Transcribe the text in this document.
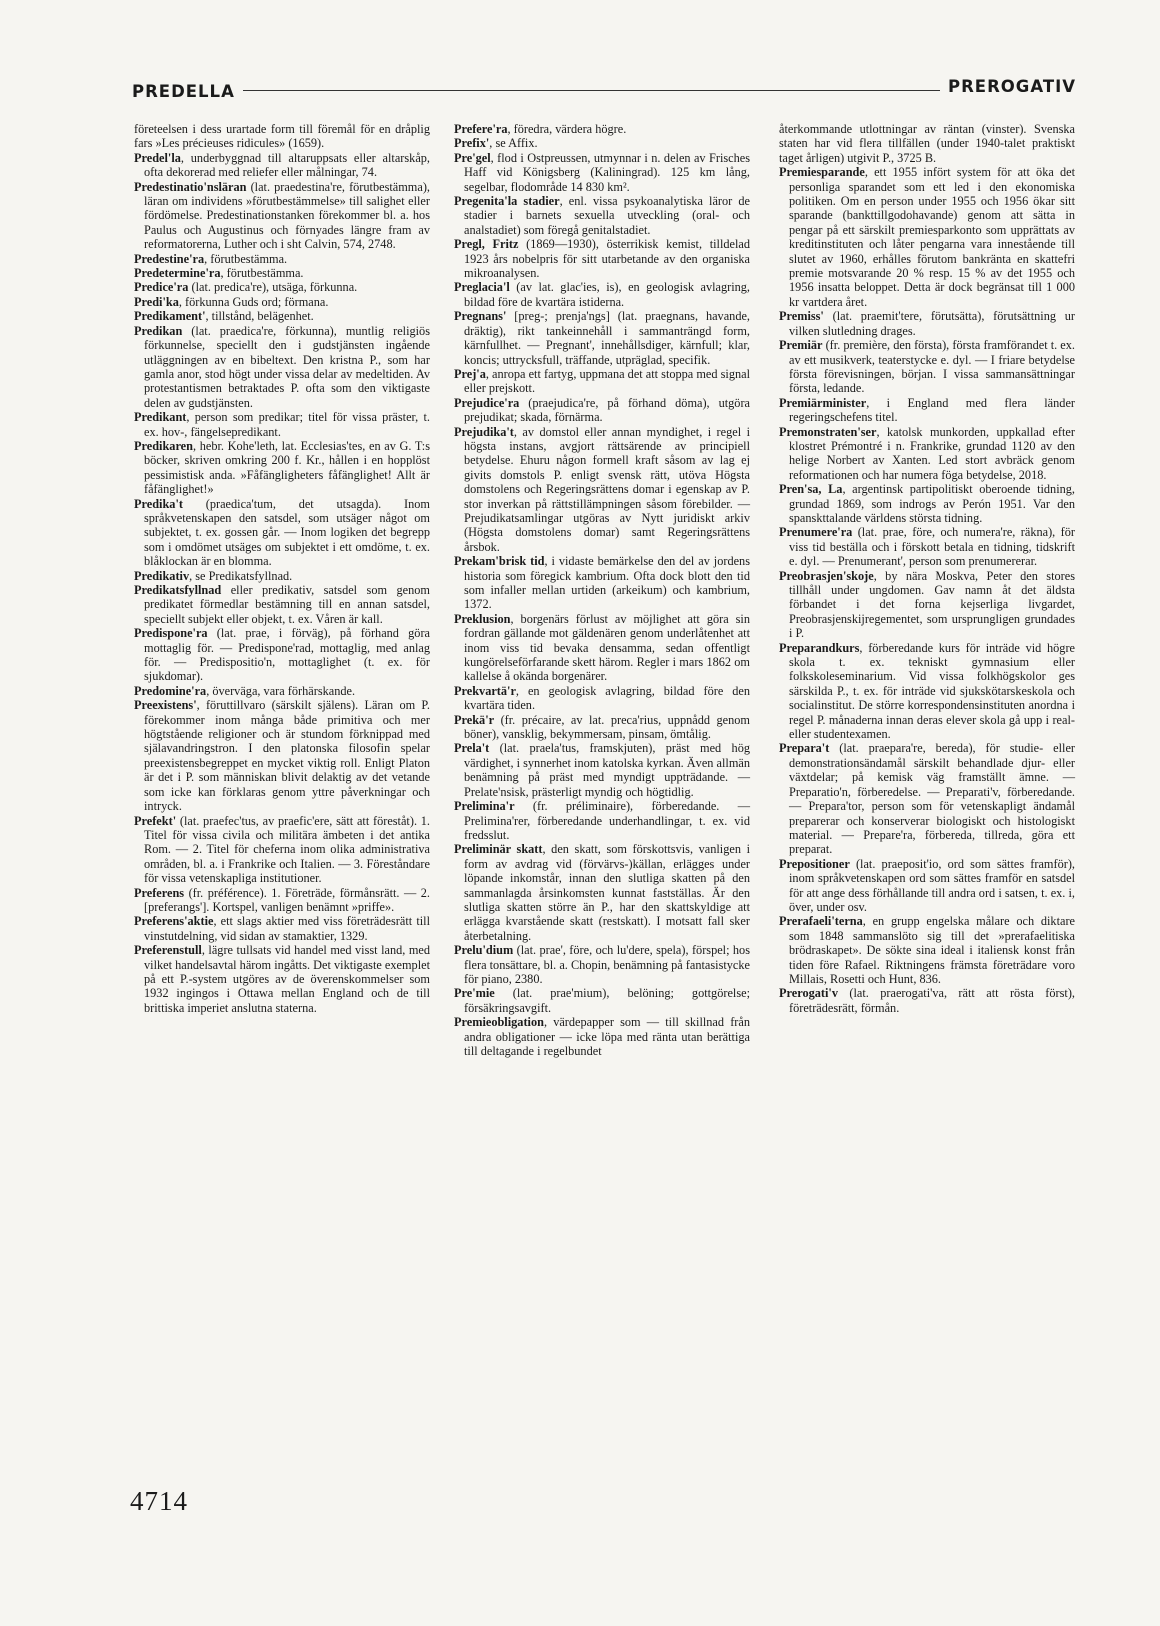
PREDELLA	PREROGATIV

företeelsen i dess urartade form till föremål för en dråplig fars »Les précieuses ridicules» (1659).

Predel'la, underbyggnad till altaruppsats eller altarskåp, ofta dekorerad med reliefer eller målningar, 74.

Predestinatio'nsläran (lat. praedestina're, förutbestämma), läran om individens »förutbestämmelse» till salighet eller fördömelse. Predestinationstanken förekommer bl. a. hos Paulus och Augustinus och förnyades längre fram av reformatorerna, Luther och i sht Calvin, 574, 2748.

Predestine'ra, förutbestämma.

Predetermine'ra, förutbestämma.

Predice'ra (lat. predica're), utsäga, förkunna.

Predi'ka, förkunna Guds ord; förmana.

Predikament', tillstånd, belägenhet.

Predikan (lat. praedica're, förkunna), muntlig religiös förkunnelse, speciellt den i gudstjänsten ingående utläggningen av en bibeltext. Den kristna P., som har gamla anor, stod högt under vissa delar av medeltiden. Av protestantismen betraktades P. ofta som den viktigaste delen av gudstjänsten.

Predikant, person som predikar; titel för vissa präster, t. ex. hov-, fängelsepredikant.

Predikaren, hebr. Kohe'leth, lat. Ecclesias'tes, en av G. T:s böcker, skriven omkring 200 f. Kr., hållen i en hopplöst pessimistisk anda. »Fåfängligheters fåfänglighet! Allt är fåfänglighet!»

Predika't (praedica'tum, det utsagda). Inom språkvetenskapen den satsdel, som utsäger något om subjektet, t. ex. gossen går. — Inom logiken det begrepp som i omdömet utsäges om subjektet i ett omdöme, t. ex. blåklockan är en blomma.

Predikativ, se Predikatsfyllnad.

Predikatsfyllnad eller predikativ, satsdel som genom predikatet förmedlar bestämning till en annan satsdel, speciellt subjekt eller objekt, t. ex. Våren är kall.

Predispone'ra (lat. prae, i förväg), på förhand göra mottaglig för. — Predispone'rad, mottaglig, med anlag för. — Predispositio'n, mottaglighet (t. ex. för sjukdomar).

Predomine'ra, överväga, vara förhärskande.

Preexistens', föruttillvaro (särskilt själens). Läran om P. förekommer inom många både primitiva och mer högtstående religioner och är stundom förknippad med själavandringstron. I den platonska filosofin spelar preexistensbegreppet en mycket viktig roll. Enligt Platon är det i P. som människan blivit delaktig av det vetande som icke kan förklaras genom yttre påverkningar och intryck.

Prefekt' (lat. praefec'tus, av praefic'ere, sätt att föreståt). 1. Titel för vissa civila och militära ämbeten i det antika Rom. — 2. Titel för cheferna inom olika administrativa områden, bl. a. i Frankrike och Italien. — 3. Föreståndare för vissa vetenskapliga institutioner.

Preferens (fr. préférence). 1. Företräde, förmånsrätt. — 2. [preferangs']. Kortspel, vanligen benämnt »priffe».

Preferens'aktie, ett slags aktier med viss företrädesrätt till vinstutdelning, vid sidan av stamaktier, 1329.

Preferenstull, lägre tullsats vid handel med visst land, med vilket handelsavtal härom ingåtts. Det viktigaste exemplet på ett P.-system utgöres av de överenskommelser som 1932 ingingos i Ottawa mellan England och de till brittiska imperiet anslutna staterna.

Prefere'ra, föredra, värdera högre.

Prefix', se Affix.

Pre'gel, flod i Ostpreussen, utmynnar i n. delen av Frisches Haff vid Königsberg (Kaliningrad). 125 km lång, segelbar, flodområde 14 830 km².

Pregenita'la stadier, enl. vissa psykoanalytiska läror de stadier i barnets sexuella utveckling (oral- och analstadiet) som föregå genitalstadiet.

Pregl, Fritz (1869—1930), österrikisk kemist, tilldelad 1923 års nobelpris för sitt utarbetande av den organiska mikroanalysen.

Preglacia'l (av lat. glac'ies, is), en geologisk avlagring, bildad före de kvartära istiderna.

Pregnans' [preg-; prenja'ngs] (lat. praegnans, havande, dräktig), rikt tankeinnehåll i sammanträngd form, kärnfullhet. — Pregnant', innehållsdiger, kärnfull; klar, koncis; uttrycksfull, träffande, utpräglad, specifik.

Prej'a, anropa ett fartyg, uppmana det att stoppa med signal eller prejskott.

Prejudice'ra (praejudica're, på förhand döma), utgöra prejudikat; skada, förnärma.

Prejudika't, av domstol eller annan myndighet, i regel i högsta instans, avgjort rättsärende av principiell betydelse. Ehuru någon formell kraft såsom av lag ej givits domstols P. enligt svensk rätt, utöva Högsta domstolens och Regeringsrättens domar i egenskap av P. stor inverkan på rättstillämpningen såsom förebilder. — Prejudikatsamlingar utgöras av Nytt juridiskt arkiv (Högsta domstolens domar) samt Regeringsrättens årsbok.

Prekam'brisk tid, i vidaste bemärkelse den del av jordens historia som föregick kambrium. Ofta dock blott den tid som infaller mellan urtiden (arkeikum) och kambrium, 1372.

Preklusion, borgenärs förlust av möjlighet att göra sin fordran gällande mot gäldenären genom underlåtenhet att inom viss tid bevaka densamma, sedan offentligt kungörelseförfarande skett härom. Regler i mars 1862 om kallelse å okända borgenärer.

Prekvartä'r, en geologisk avlagring, bildad före den kvartära tiden.

Prekä'r (fr. précaire, av lat. preca'rius, uppnådd genom böner), vansklig, bekymmersam, pinsam, ömtålig.

Prela't (lat. praela'tus, framskjuten), präst med hög värdighet, i synnerhet inom katolska kyrkan. Även allmän benämning på präst med myndigt uppträdande. — Prelate'nsisk, prästerligt myndig och högtidlig.

Prelimina'r (fr. préliminaire), förberedande. — Prelimina'rer, förberedande underhandlingar, t. ex. vid fredsslut.

Preliminär skatt, den skatt, som förskottsvis, vanligen i form av avdrag vid (förvärvs-)källan, erlägges under löpande inkomstår, innan den slutliga skatten på den sammanlagda årsinkomsten kunnat fastställas. Är den slutliga skatten större än P., har den skattskyldige att erlägga kvarstående skatt (restskatt). I motsatt fall sker återbetalning.

Prelu'dium (lat. prae', före, och lu'dere, spela), förspel; hos flera tonsättare, bl. a. Chopin, benämning på fantasistycke för piano, 2380.

Pre'mie (lat. prae'mium), belöning; gottgörelse; försäkringsavgift.

Premieobligation, värdepapper som — till skillnad från andra obligationer — icke löpa med ränta utan berättiga till deltagande i regelbundet

återkommande utlottningar av räntan (vinster). Svenska staten har vid flera tillfällen (under 1940-talet praktiskt taget årligen) utgivit P., 3725 B.

Premiesparande, ett 1955 infört system för att öka det personliga sparandet som ett led i den ekonomiska politiken. Om en person under 1955 och 1956 ökar sitt sparande (bankttillgodohavande) genom att sätta in pengar på ett särskilt premiesparkonto som upprättats av kreditinstituten och låter pengarna vara innestående till slutet av 1960, erhålles förutom bankränta en skattefri premie motsvarande 20 % resp. 15 % av det 1955 och 1956 insatta beloppet. Detta är dock begränsat till 1 000 kr vartdera året.

Premiss' (lat. praemit'tere, förutsätta), förutsättning ur vilken slutledning drages.

Premiär (fr. première, den första), första framförandet t. ex. av ett musikverk, teaterstycke e. dyl. — I friare betydelse första förevisningen, början. I vissa sammansättningar första, ledande.

Premiärminister, i England med flera länder regeringschefens titel.

Premonstraten'ser, katolsk munkorden, uppkallad efter klostret Prémontré i n. Frankrike, grundad 1120 av den helige Norbert av Xanten. Led stort avbräck genom reformationen och har numera föga betydelse, 2018.

Pren'sa, La, argentinsk partipolitiskt oberoende tidning, grundad 1869, som indrogs av Perón 1951. Var den spanskttalande världens största tidning.

Prenumere'ra (lat. prae, före, och numera're, räkna), för viss tid beställa och i förskott betala en tidning, tidskrift e. dyl. — Prenumerant', person som prenumererar.

Preobrasjen'skoje, by nära Moskva, Peter den stores tillhåll under ungdomen. Gav namn åt det äldsta förbandet i det forna kejserliga livgardet, Preobrasjenskijregementet, som ursprungligen grundades i P.

Preparandkurs, förberedande kurs för inträde vid högre skola t. ex. tekniskt gymnasium eller folkskoleseminarium. Vid vissa folkhögskolor ges särskilda P., t. ex. för inträde vid sjukskötarskeskola och socialinstitut. De större korrespondensinstituten anordna i regel P. månaderna innan deras elever skola gå upp i real- eller studentexamen.

Prepara't (lat. praepara're, bereda), för studie- eller demonstrationsändamål särskilt behandlade djur- eller växtdelar; på kemisk väg framställt ämne. — Preparatio'n, förberedelse. — Preparati'v, förberedande. — Prepara'tor, person som för vetenskapligt ändamål preparerar och konserverar biologiskt och histologiskt material. — Prepare'ra, förbereda, tillreda, göra ett preparat.

Prepositioner (lat. praeposit'io, ord som sättes framför), inom språkvetenskapen ord som sättes framför en satsdel för att ange dess förhållande till andra ord i satsen, t. ex. i, över, under osv.

Prerafaeli'terna, en grupp engelska målare och diktare som 1848 sammanslöto sig till det »prerafaelitiska brödraskapet». De sökte sina ideal i italiensk konst från tiden före Rafael. Riktningens främsta företrädare voro Millais, Rosetti och Hunt, 836.

Prerogati'v (lat. praerogati'va, rätt att rösta först), företrädesrätt, förmån.

4714
